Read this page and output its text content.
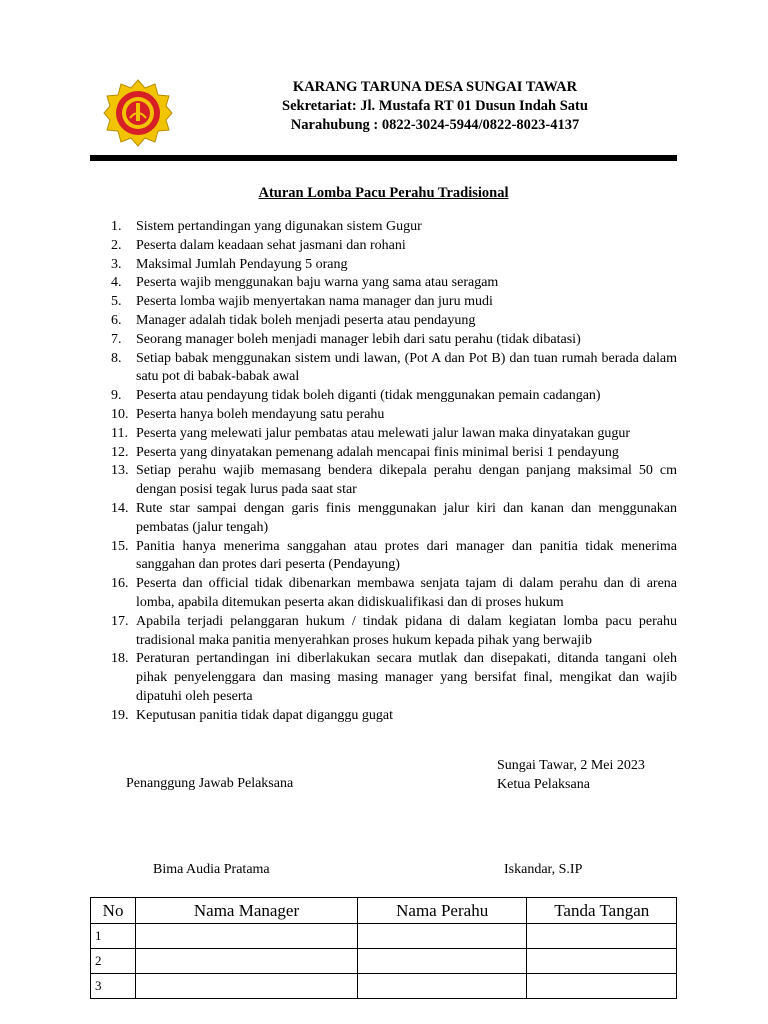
KARANG TARUNA DESA SUNGAI TAWAR
Sekretariat: Jl. Mustafa RT 01 Dusun Indah Satu
Narahubung : 0822-3024-5944/0822-8023-4137
Aturan Lomba Pacu Perahu Tradisional
1.	Sistem pertandingan yang digunakan sistem Gugur
2.	Peserta dalam keadaan sehat jasmani dan rohani
3.	Maksimal Jumlah Pendayung 5 orang
4.	Peserta wajib menggunakan baju warna yang sama atau seragam
5.	Peserta lomba wajib menyertakan nama manager dan juru mudi
6.	Manager adalah tidak boleh menjadi peserta atau pendayung
7.	Seorang manager boleh menjadi manager lebih dari satu perahu (tidak dibatasi)
8.	Setiap babak menggunakan sistem undi lawan, (Pot A dan Pot B) dan tuan rumah berada dalam satu pot di babak-babak awal
9.	Peserta atau pendayung tidak boleh diganti (tidak menggunakan pemain cadangan)
10. Peserta hanya boleh mendayung satu perahu
11. Peserta yang melewati jalur pembatas atau melewati jalur lawan maka dinyatakan gugur
12. Peserta yang dinyatakan pemenang adalah mencapai finis minimal berisi 1 pendayung
13. Setiap perahu wajib memasang bendera dikepala perahu dengan panjang maksimal 50 cm dengan posisi tegak lurus pada saat star
14. Rute star sampai dengan garis finis menggunakan jalur kiri dan kanan dan menggunakan pembatas (jalur tengah)
15. Panitia hanya menerima sanggahan atau protes dari manager dan panitia tidak menerima sanggahan dan protes dari peserta (Pendayung)
16. Peserta dan official tidak dibenarkan membawa senjata tajam di dalam perahu dan di arena lomba, apabila ditemukan peserta akan didiskualifikasi dan di proses hukum
17. Apabila terjadi pelanggaran hukum / tindak pidana di dalam kegiatan lomba pacu perahu tradisional maka panitia menyerahkan proses hukum kepada pihak yang berwajib
18. Peraturan pertandingan ini diberlakukan secara mutlak dan disepakati, ditanda tangani oleh pihak penyelenggara dan masing masing manager yang bersifat final, mengikat dan wajib dipatuhi oleh peserta
19. Keputusan panitia tidak dapat diganggu gugat
Penanggung Jawab Pelaksana
Sungai Tawar, 2 Mei 2023
Ketua Pelaksana
Bima Audia Pratama	Iskandar, S.IP
No	Nama Manager	Nama Perahu	Tanda Tangan
1			
2			
3			
